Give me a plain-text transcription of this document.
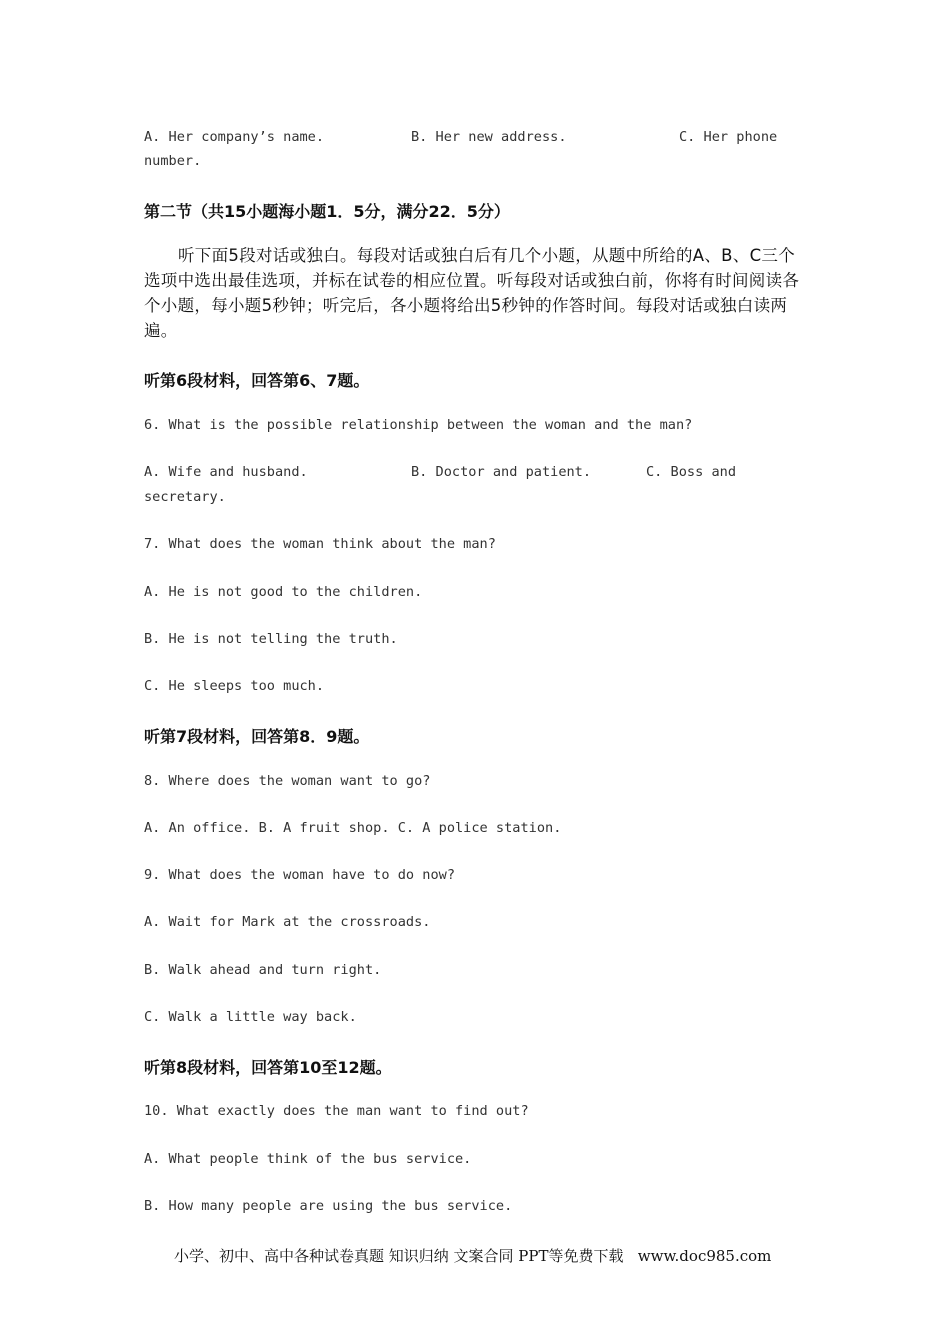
A. Her company’s name.	B. Her new address.	C. Her phone
number.
第二节（共15小题海小题1．5分，满分22．5分）
听下面5段对话或独白。每段对话或独白后有几个小题，从题中所给的A、B、C三个选项中选出最佳选项，并标在试卷的相应位置。听每段对话或独白前，你将有时间阅读各个小题，每小题5秒钟；听完后，各小题将给出5秒钟的作答时间。每段对话或独白读两遍。
听第6段材料，回答第6、7题。
6. What is the possible relationship between the woman and the man?
A. Wife and husband.	B. Doctor and patient.	C. Boss and
secretary.
7. What does the woman think about the man?
A. He is not good to the children.
B. He is not telling the truth.
C. He sleeps too much.
听第7段材料，回答第8．9题。
8. Where does the woman want to go?
A. An office. B. A fruit shop. C. A police station.
9. What does the woman have to do now?
A. Wait for Mark at the crossroads.
B. Walk ahead and turn right.
C. Walk a little way back.
听第8段材料，回答第10至12题。
10. What exactly does the man want to find out?
A. What people think of the bus service.
B. How many people are using the bus service.
小学、初中、高中各种试卷真题 知识归纳 文案合同 PPT等免费下载   www.doc985.com
